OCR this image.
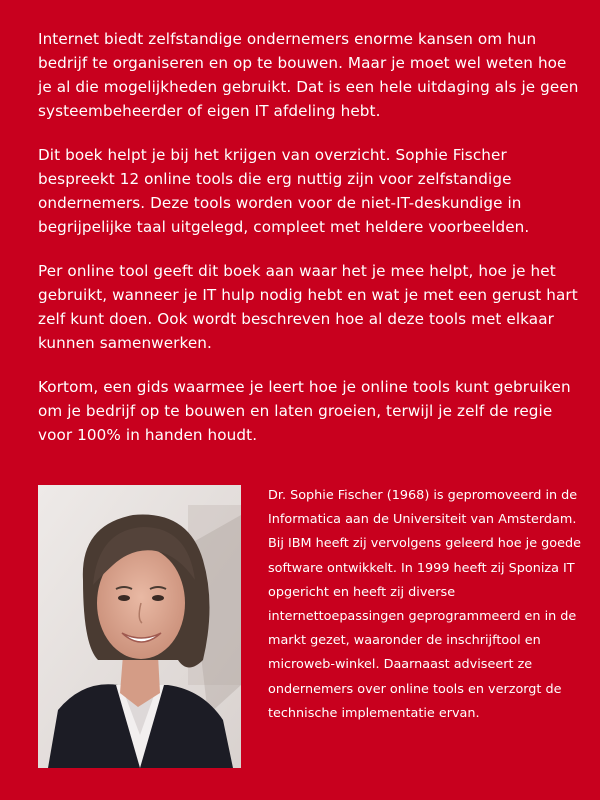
Internet biedt zelfstandige ondernemers enorme kansen om hun bedrijf te organiseren en op te bouwen. Maar je moet wel weten hoe je al die mogelijkheden gebruikt. Dat is een hele uitdaging als je geen systeembeheerder of eigen IT afdeling hebt.

Dit boek helpt je bij het krijgen van overzicht. Sophie Fischer bespreekt 12 online tools die erg nuttig zijn voor zelfstandige ondernemers. Deze tools worden voor de niet-IT-deskundige in begrijpelijke taal uitgelegd, compleet met heldere voorbeelden.

Per online tool geeft dit boek aan waar het je mee helpt, hoe je het gebruikt, wanneer je IT hulp nodig hebt en wat je met een gerust hart zelf kunt doen. Ook wordt beschreven hoe al deze tools met elkaar kunnen samenwerken.

Kortom, een gids waarmee je leert hoe je online tools kunt gebruiken om je bedrijf op te bouwen en laten groeien, terwijl je zelf de regie voor 100% in handen houdt.

Dr. Sophie Fischer (1968) is gepromoveerd in de Informatica aan de Universiteit van Amsterdam. Bij IBM heeft zij vervolgens geleerd hoe je goede software ontwikkelt. In 1999 heeft zij Sponiza IT opgericht en heeft zij diverse internettoepassingen geprogrammeerd en in de markt gezet, waaronder de inschrijftool en microweb-winkel. Daarnaast adviseert ze ondernemers over online tools en verzorgt de technische implementatie ervan.
